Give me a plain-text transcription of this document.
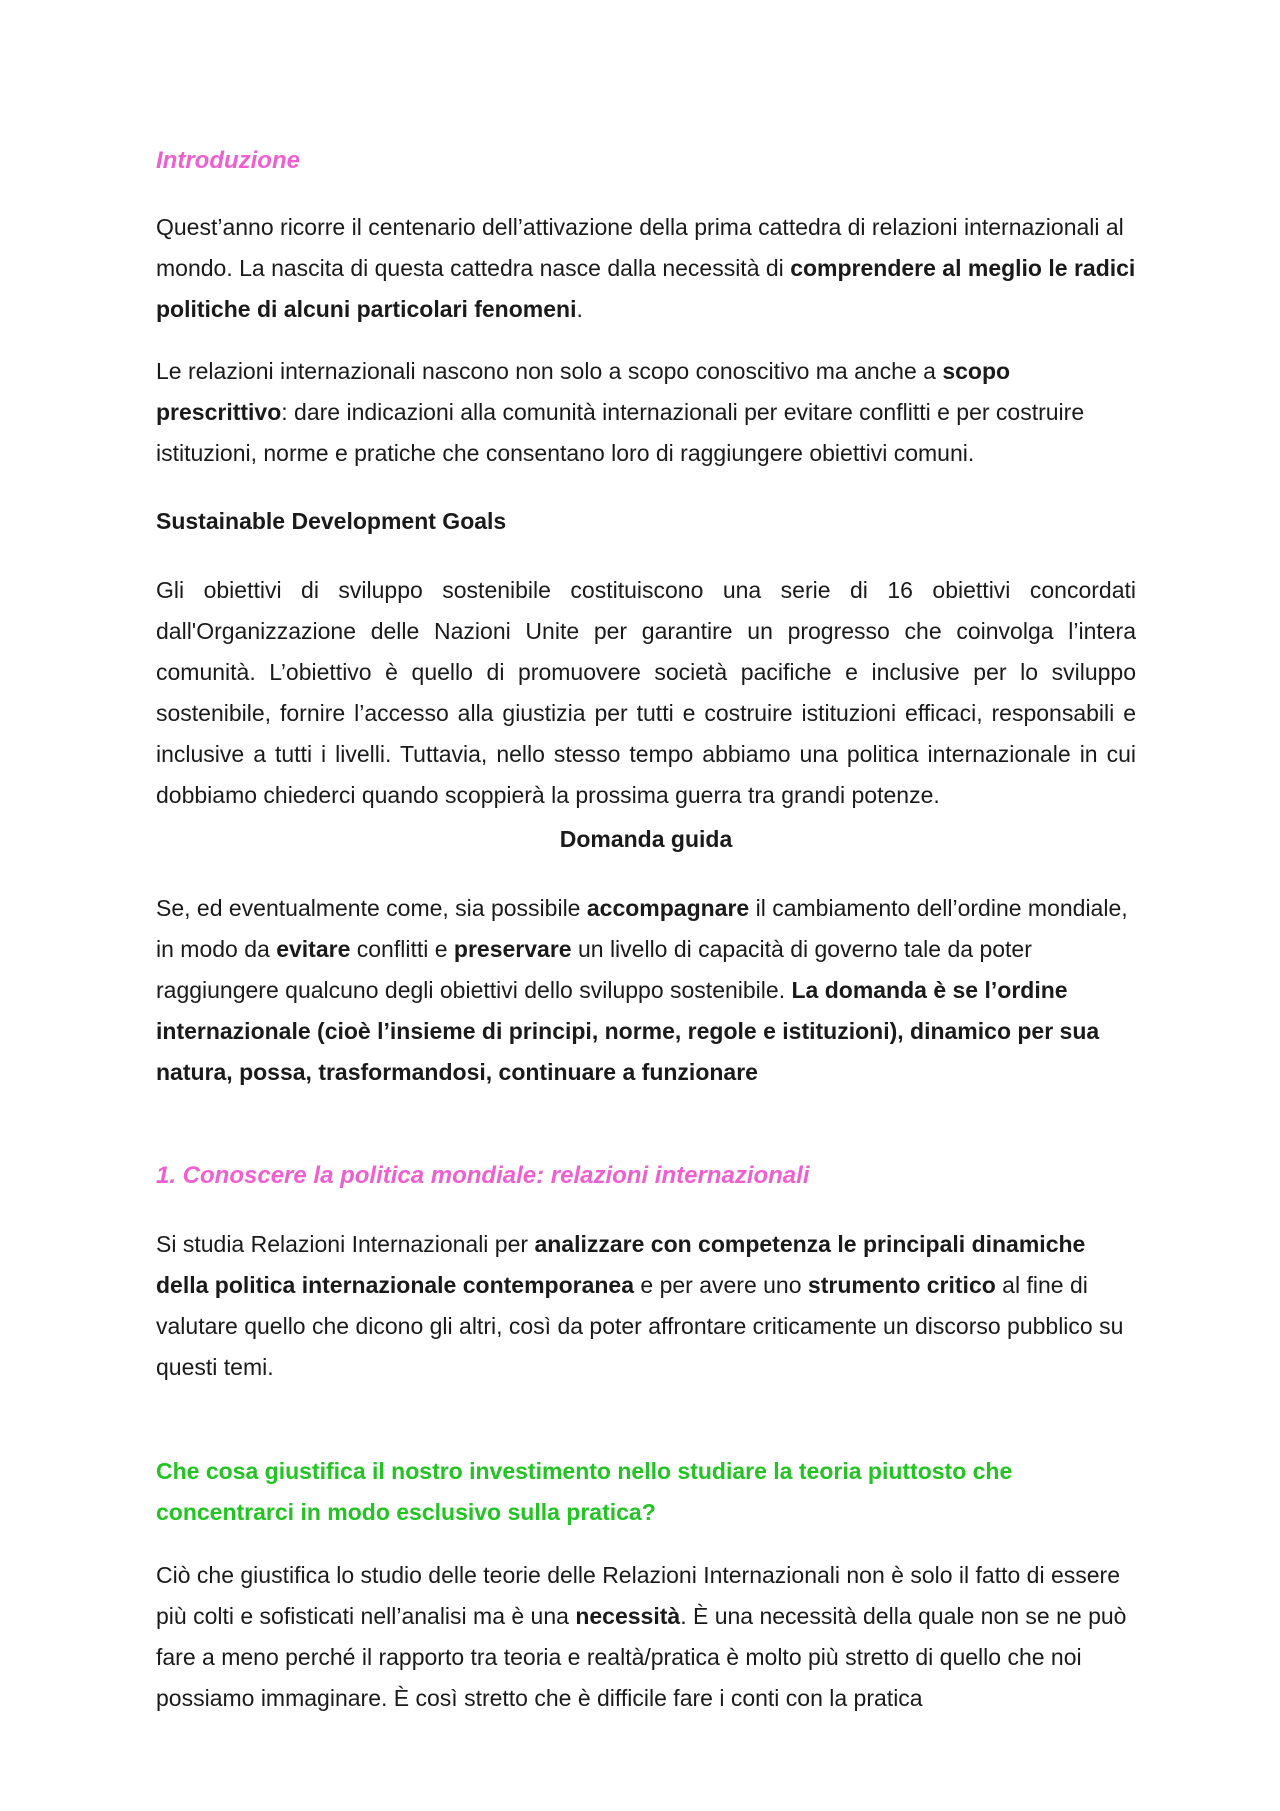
Introduzione

Quest’anno ricorre il centenario dell’attivazione della prima cattedra di relazioni internazionali al mondo. La nascita di questa cattedra nasce dalla necessità di comprendere al meglio le radici politiche di alcuni particolari fenomeni.

Le relazioni internazionali nascono non solo a scopo conoscitivo ma anche a scopo prescrittivo: dare indicazioni alla comunità internazionali per evitare conflitti e per costruire istituzioni, norme e pratiche che consentano loro di raggiungere obiettivi comuni.

Sustainable Development Goals

Gli obiettivi di sviluppo sostenibile costituiscono una serie di 16 obiettivi concordati dall'Organizzazione delle Nazioni Unite per garantire un progresso che coinvolga l’intera comunità. L’obiettivo è quello di promuovere società pacifiche e inclusive per lo sviluppo sostenibile, fornire l’accesso alla giustizia per tutti e costruire istituzioni efficaci, responsabili e inclusive a tutti i livelli. Tuttavia, nello stesso tempo abbiamo una politica internazionale in cui dobbiamo chiederci quando scoppierà la prossima guerra tra grandi potenze.

Domanda guida

Se, ed eventualmente come, sia possibile accompagnare il cambiamento dell’ordine mondiale, in modo da evitare conflitti e preservare un livello di capacità di governo tale da poter raggiungere qualcuno degli obiettivi dello sviluppo sostenibile. La domanda è se l’ordine internazionale (cioè l’insieme di principi, norme, regole e istituzioni), dinamico per sua natura, possa, trasformandosi, continuare a funzionare

1. Conoscere la politica mondiale: relazioni internazionali

Si studia Relazioni Internazionali per analizzare con competenza le principali dinamiche della politica internazionale contemporanea e per avere uno strumento critico al fine di valutare quello che dicono gli altri, così da poter affrontare criticamente un discorso pubblico su questi temi.

Che cosa giustifica il nostro investimento nello studiare la teoria piuttosto che concentrarci in modo esclusivo sulla pratica?

Ciò che giustifica lo studio delle teorie delle Relazioni Internazionali non è solo il fatto di essere più colti e sofisticati nell’analisi ma è una necessità. È una necessità della quale non se ne può fare a meno perché il rapporto tra teoria e realtà/pratica è molto più stretto di quello che noi possiamo immaginare. È così stretto che è difficile fare i conti con la pratica
